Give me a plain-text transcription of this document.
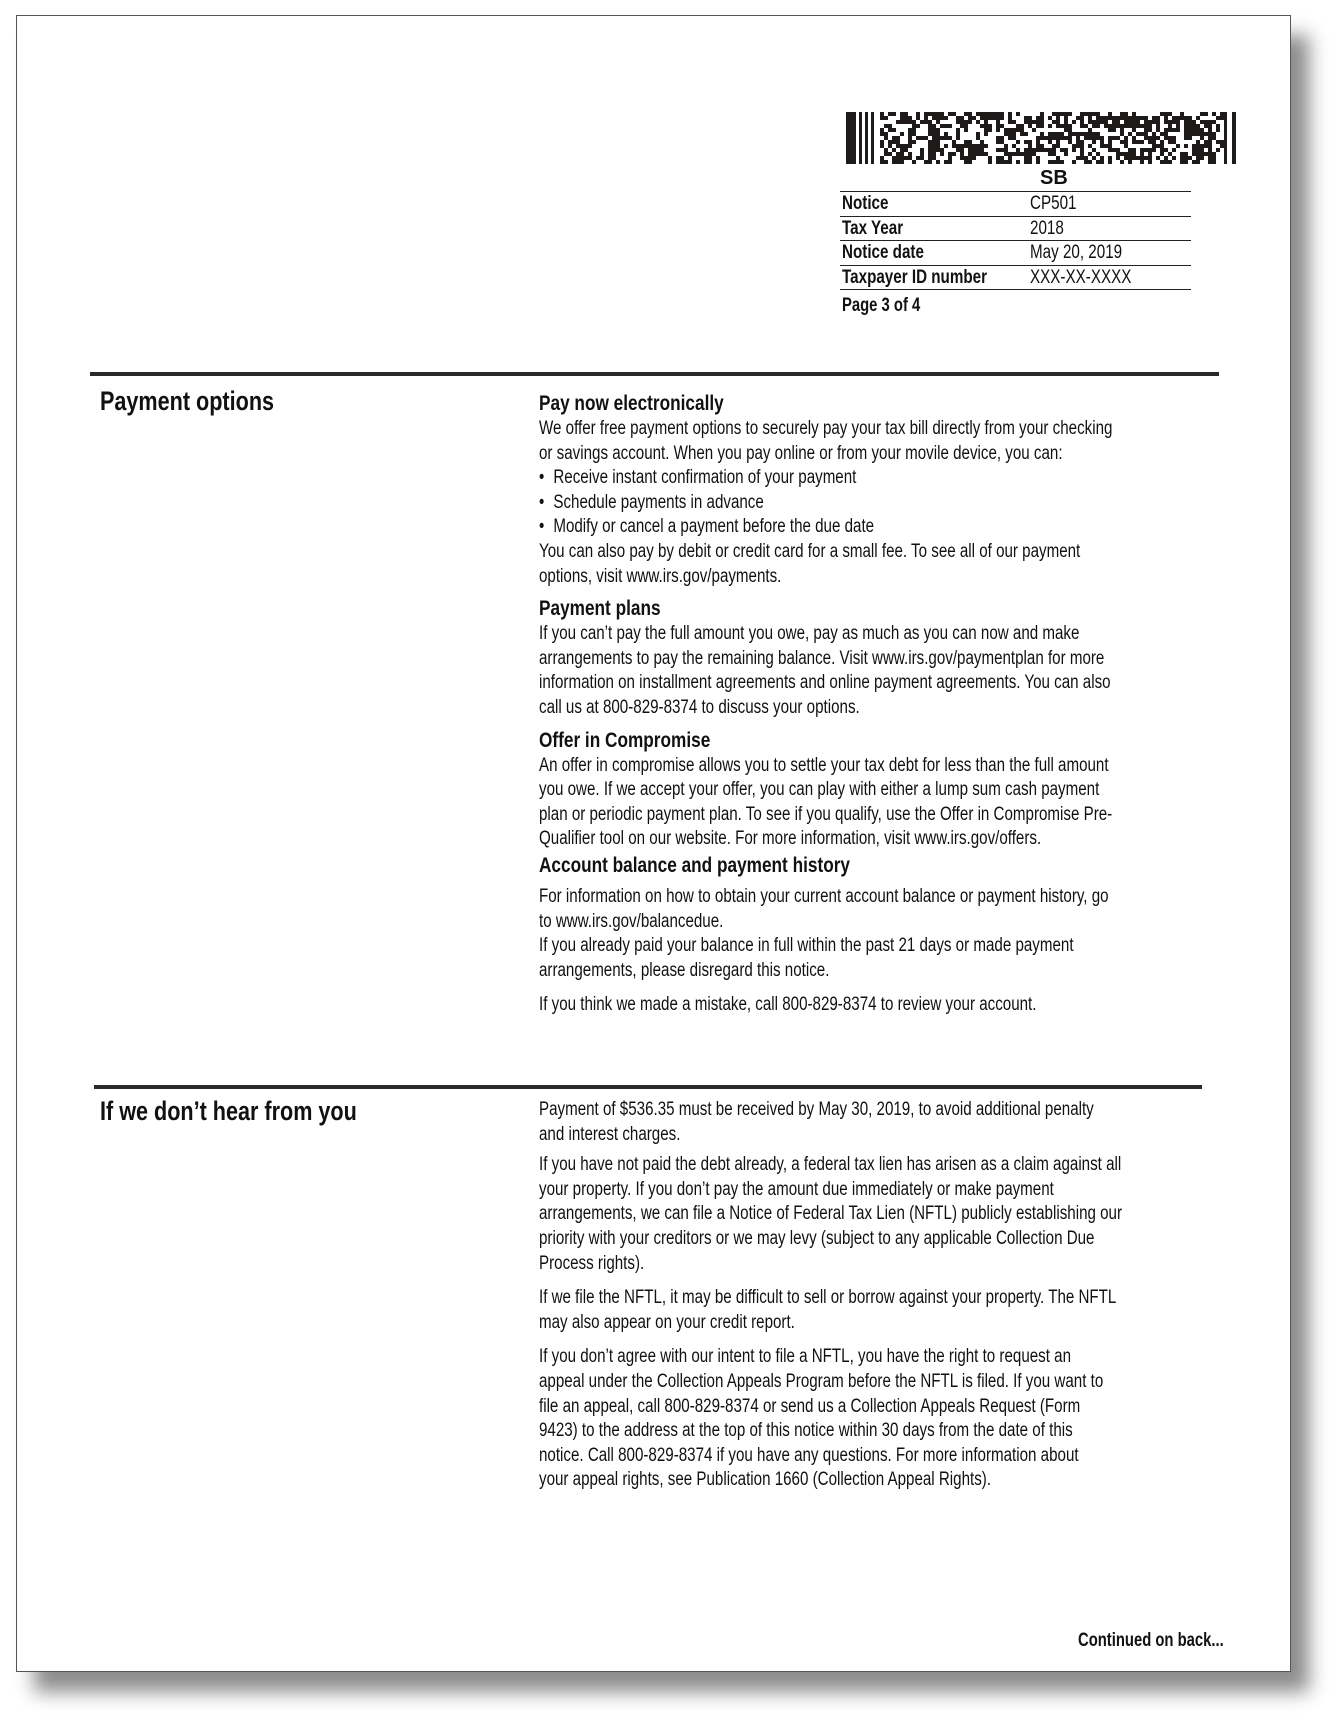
SB
Notice	CP501
Tax Year	2018
Notice date	May 20, 2019
Taxpayer ID number XXX-XX-XXXX
Page 3 of 4
Payment options	Pay now electronically
We offer free payment options to securely pay your tax bill directly from your checking
or savings account. When you pay online or from your movile device, you can:
• Receive instant confirmation of your payment
• Schedule payments in advance
• Modify or cancel a payment before the due date
You can also pay by debit or credit card for a small fee. To see all of our payment
options, visit www.irs.gov/payments.
Payment plans
If you can’t pay the full amount you owe, pay as much as you can now and make
arrangements to pay the remaining balance. Visit www.irs.gov/paymentplan for more
information on installment agreements and online payment agreements. You can also
call us at 800-829-8374 to discuss your options.
Offer in Compromise
An offer in compromise allows you to settle your tax debt for less than the full amount
you owe. If we accept your offer, you can play with either a lump sum cash payment
plan or periodic payment plan. To see if you qualify, use the Offer in Compromise Pre-
Qualifier tool on our website. For more information, visit www.irs.gov/offers.
Account balance and payment history
For information on how to obtain your current account balance or payment history, go
to www.irs.gov/balancedue.
If you already paid your balance in full within the past 21 days or made payment
arrangements, please disregard this notice.
If you think we made a mistake, call 800-829-8374 to review your account.
If we don’t hear from you	Payment of $536.35 must be received by May 30, 2019, to avoid additional penalty
and interest charges.
If you have not paid the debt already, a federal tax lien has arisen as a claim against all
your property. If you don’t pay the amount due immediately or make payment
arrangements, we can file a Notice of Federal Tax Lien (NFTL) publicly establishing our
priority with your creditors or we may levy (subject to any applicable Collection Due
Process rights).
If we file the NFTL, it may be difficult to sell or borrow against your property. The NFTL
may also appear on your credit report.
If you don’t agree with our intent to file a NFTL, you have the right to request an
appeal under the Collection Appeals Program before the NFTL is filed. If you want to
file an appeal, call 800-829-8374 or send us a Collection Appeals Request (Form
9423) to the address at the top of this notice within 30 days from the date of this
notice. Call 800-829-8374 if you have any questions. For more information about
your appeal rights, see Publication 1660 (Collection Appeal Rights).
Continued on back...
